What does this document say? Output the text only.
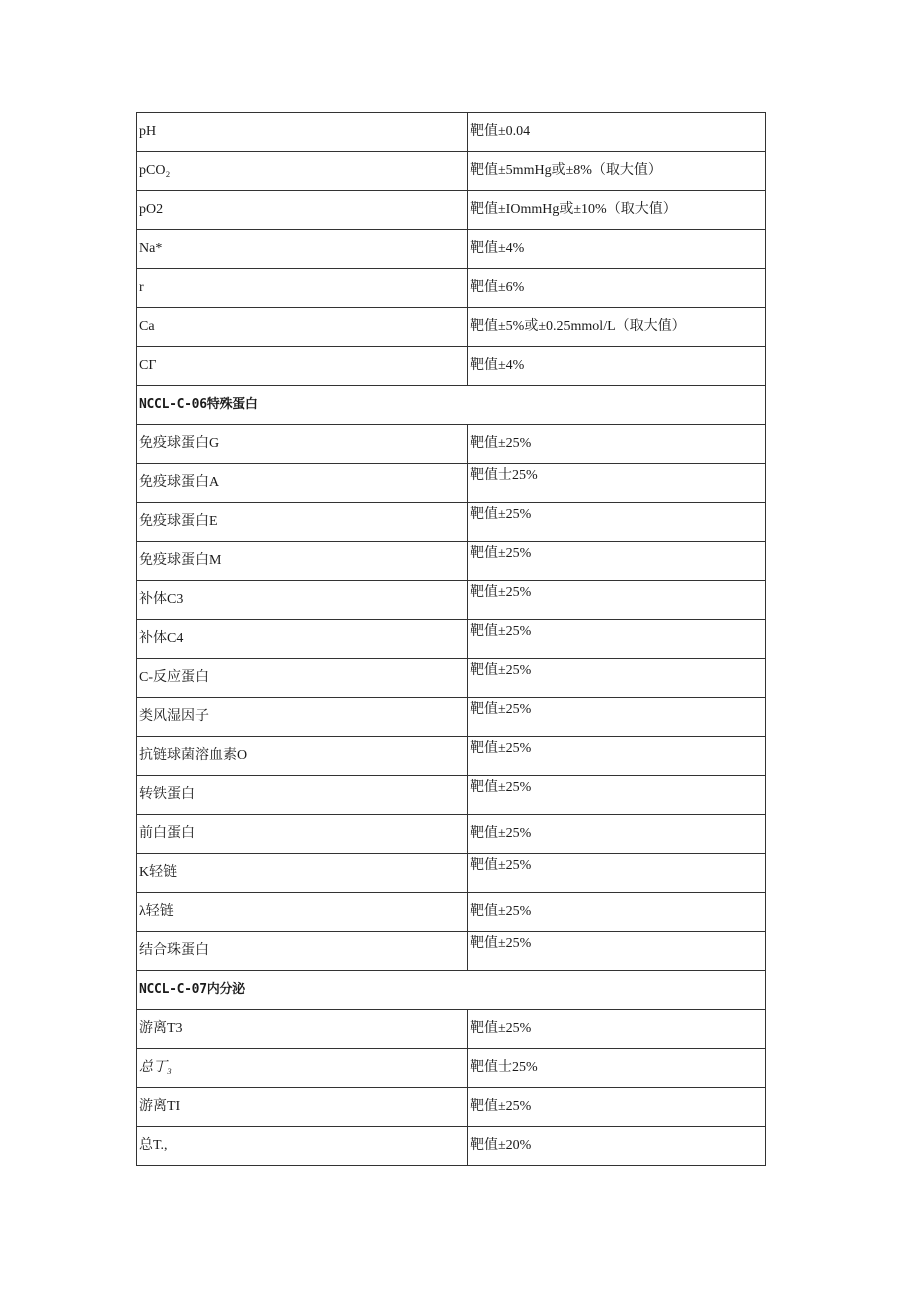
pH	靶值±0.04
pCO₂	靶值±5mmHg或±8%（取大值）
pO2	靶值±IOmmHg或±10%（取大值）
Na*	靶值±4%
r	靶值±6%
Ca	靶值±5%或±0.25mmol/L（取大值）
CΓ	靶值±4%
NCCL-C-06特殊蛋白	
免疫球蛋白G	靶值±25%
免疫球蛋白A	靶值士25%
免疫球蛋白E	靶值±25%
免疫球蛋白M	靶值±25%
补体C3	靶值±25%
补体C4	靶值±25%
C-反应蛋白	靶值±25%
类风湿因子	靶值±25%
抗链球菌溶血素O	靶值±25%
转铁蛋白	靶值±25%
前白蛋白	靶值±25%
K轻链	靶值±25%
λ轻链	靶值±25%
结合珠蛋白	靶值±25%
NCCL-C-07内分泌	
游离T3	靶值±25%
总丁₃	靶值士25%
游离TI	靶值±25%
总T.,	靶值±20%
